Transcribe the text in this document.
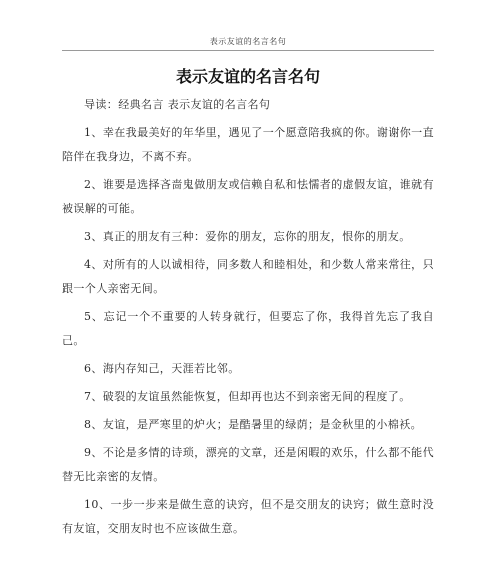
表示友谊的名言名句
表示友谊的名言名句

导读：经典名言 表示友谊的名言名句

1、幸在我最美好的年华里，遇见了一个愿意陪我疯的你。谢谢你一直陪伴在我身边，不离不弃。

2、谁要是选择吝啬鬼做朋友或信赖自私和怯懦者的虚假友谊，谁就有被误解的可能。

3、真正的朋友有三种：爱你的朋友，忘你的朋友，恨你的朋友。

4、对所有的人以诚相待，同多数人和睦相处，和少数人常来常往，只跟一个人亲密无间。

5、忘记一个不重要的人转身就行，但要忘了你，我得首先忘了我自己。

6、海内存知己，天涯若比邻。

7、破裂的友谊虽然能恢复，但却再也达不到亲密无间的程度了。

8、友谊，是严寒里的炉火；是酷暑里的绿荫；是金秋里的小棉袄。

9、不论是多情的诗琐，漂亮的文章，还是闲暇的欢乐，什么都不能代替无比亲密的友情。

10、一步一步来是做生意的诀窍，但不是交朋友的诀窍；做生意时没有友谊，交朋友时也不应该做生意。
